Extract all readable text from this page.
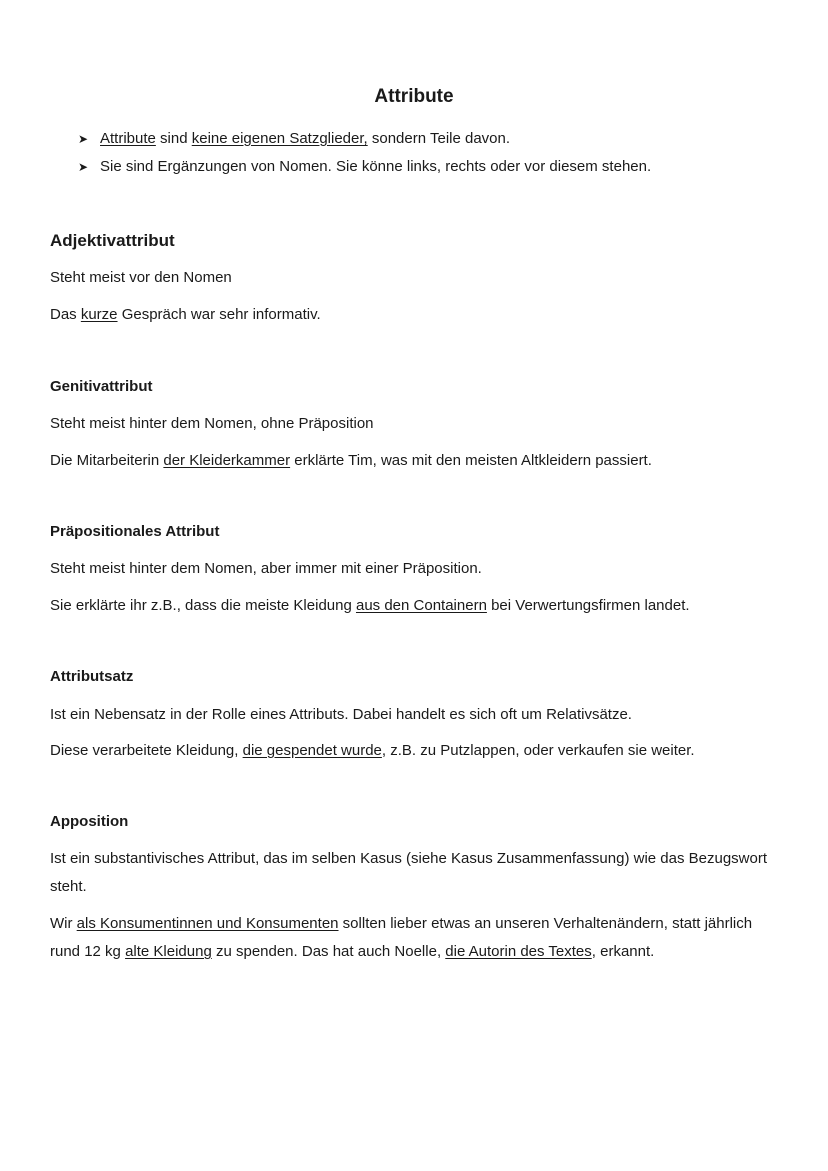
Attribute
➤ Attribute sind keine eigenen Satzglieder, sondern Teile davon.
➤ Sie sind Ergänzungen von Nomen. Sie könne links, rechts oder vor diesem stehen.
Adjektivattribut
Steht meist vor den Nomen
Das kurze Gespräch war sehr informativ.
Genitivattribut
Steht meist hinter dem Nomen, ohne Präposition
Die Mitarbeiterin der Kleiderkammer erklärte Tim, was mit den meisten Altkleidern passiert.
Präpositionales Attribut
Steht meist hinter dem Nomen, aber immer mit einer Präposition.
Sie erklärte ihr z.B., dass die meiste Kleidung aus den Containern bei Verwertungsfirmen landet.
Attributsatz
Ist ein Nebensatz in der Rolle eines Attributs. Dabei handelt es sich oft um Relativsätze.
Diese verarbeitete Kleidung, die gespendet wurde, z.B. zu Putzlappen, oder verkaufen sie weiter.
Apposition
Ist ein substantivisches Attribut, das im selben Kasus (siehe Kasus Zusammenfassung) wie das Bezugswort steht.
Wir als Konsumentinnen und Konsumenten sollten lieber etwas an unseren Verhaltenändern, statt jährlich rund 12 kg alte Kleidung zu spenden. Das hat auch Noelle, die Autorin des Textes, erkannt.
